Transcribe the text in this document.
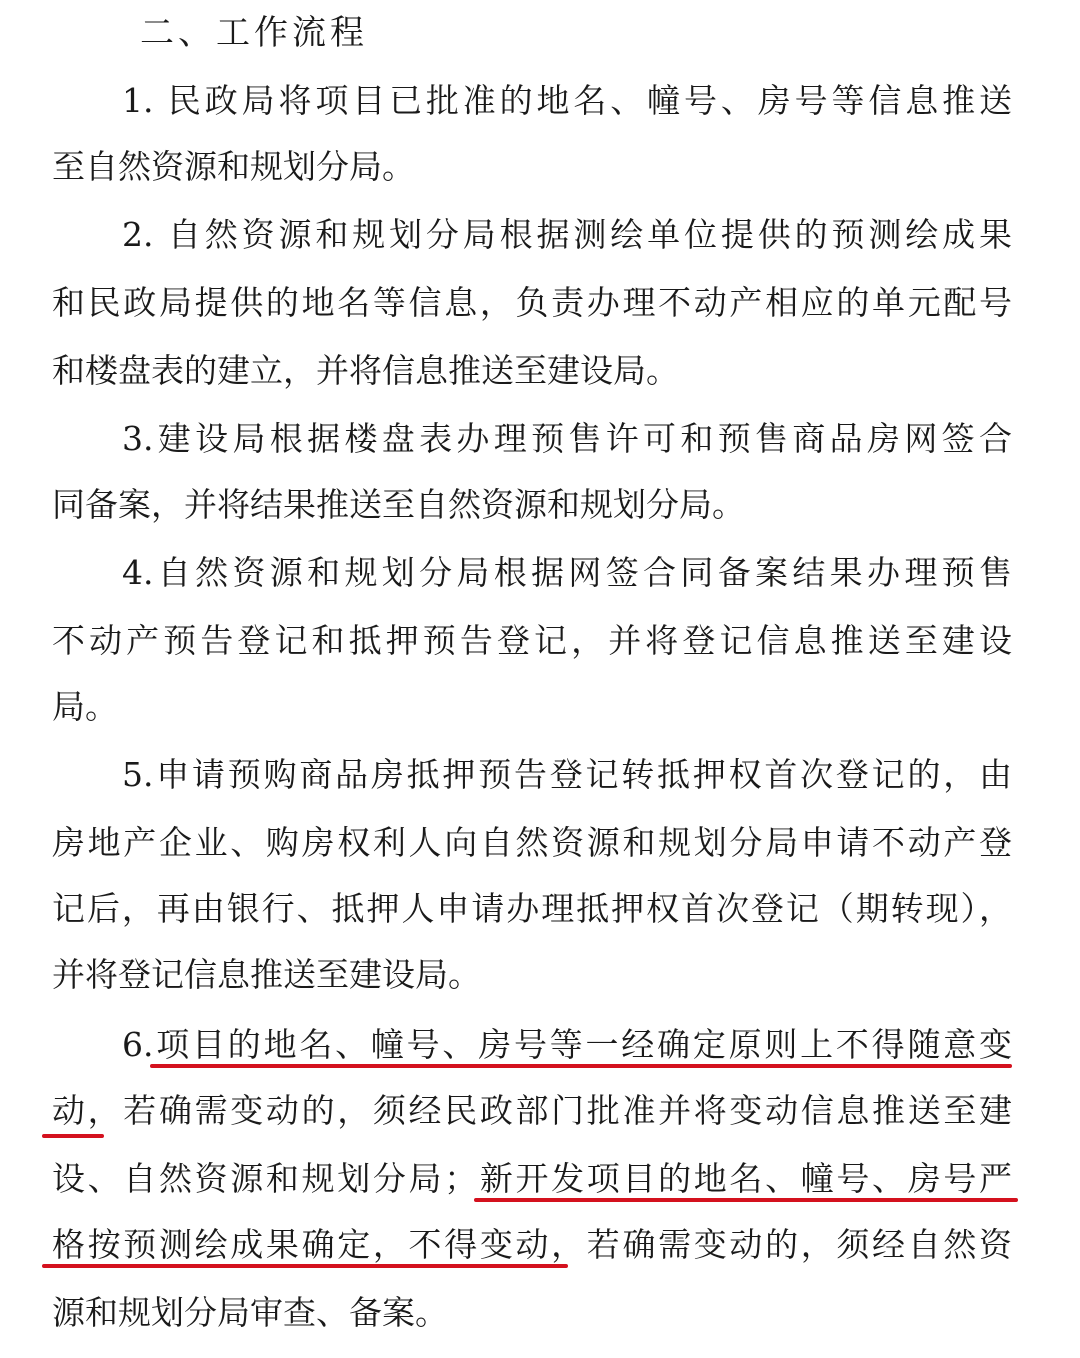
二、工作流程
1. 民政局将项目已批准的地名、幢号、房号等信息推送
至自然资源和规划分局。
2. 自然资源和规划分局根据测绘单位提供的预测绘成果
和民政局提供的地名等信息，负责办理不动产相应的单元配号
和楼盘表的建立，并将信息推送至建设局。
3.建设局根据楼盘表办理预售许可和预售商品房网签合
同备案，并将结果推送至自然资源和规划分局。
4.自然资源和规划分局根据网签合同备案结果办理预售
不动产预告登记和抵押预告登记，并将登记信息推送至建设
局。
5.申请预购商品房抵押预告登记转抵押权首次登记的，由
房地产企业、购房权利人向自然资源和规划分局申请不动产登
记后，再由银行、抵押人申请办理抵押权首次登记（期转现），
并将登记信息推送至建设局。
6.项目的地名、幢号、房号等一经确定原则上不得随意变
动，若确需变动的，须经民政部门批准并将变动信息推送至建
设、自然资源和规划分局；新开发项目的地名、幢号、房号严
格按预测绘成果确定，不得变动，若确需变动的，须经自然资
源和规划分局审查、备案。
